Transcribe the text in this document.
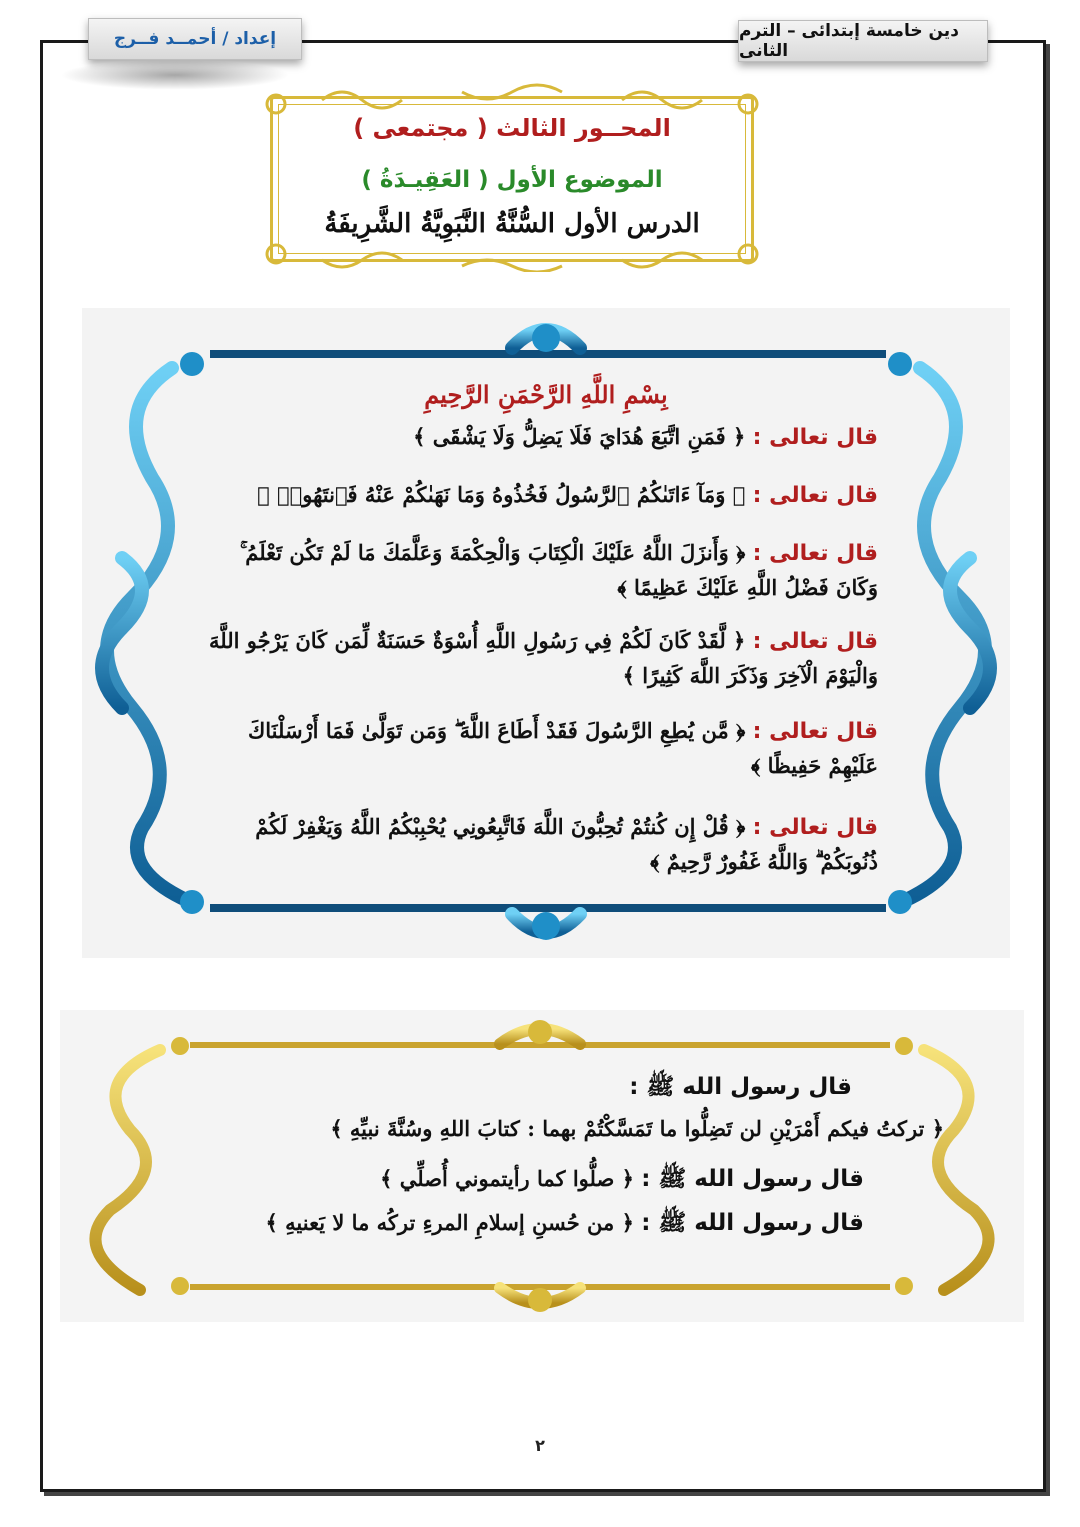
إعداد / أحمــد فــرج	دين خامسة إبتدائى – الترم الثانى
المحــور الثالث ( مجتمعى )
الموضوع الأول ( العَقِيـدَةُ )
الدرس الأول السُّنَّةُ النَّبَوِيَّةُ الشَّرِيفَةُ
بِسْمِ اللَّهِ الرَّحْمَنِ الرَّحِيمِ
قال تعالى : ﴿ فَمَنِ اتَّبَعَ هُدَايَ فَلَا يَضِلُّ وَلَا يَشْقَى ﴾
قال تعالى : ﴿ وَمَآ ءَاتَىٰكُمُ ٱلرَّسُولُ فَخُذُوهُ وَمَا نَهَىٰكُمْ عَنْهُ فَٱنتَهُوا۟ ﴾
قال تعالى : ﴿ وَأَنزَلَ اللَّهُ عَلَيْكَ الْكِتَابَ وَالْحِكْمَةَ وَعَلَّمَكَ مَا لَمْ تَكُن تَعْلَمُ ۚ وَكَانَ فَضْلُ اللَّهِ عَلَيْكَ عَظِيمًا ﴾
قال تعالى : ﴿ لَّقَدْ كَانَ لَكُمْ فِي رَسُولِ اللَّهِ أُسْوَةٌ حَسَنَةٌ لِّمَن كَانَ يَرْجُو اللَّهَ وَالْيَوْمَ الْآخِرَ وَذَكَرَ اللَّهَ كَثِيرًا ﴾
قال تعالى : ﴿ مَّن يُطِعِ الرَّسُولَ فَقَدْ أَطَاعَ اللَّهَ ۖ وَمَن تَوَلَّىٰ فَمَا أَرْسَلْنَاكَ عَلَيْهِمْ حَفِيظًا ﴾
قال تعالى : ﴿ قُلْ إِن كُنتُمْ تُحِبُّونَ اللَّهَ فَاتَّبِعُونِي يُحْبِبْكُمُ اللَّهُ وَيَغْفِرْ لَكُمْ ذُنُوبَكُمْ ۗ وَاللَّهُ غَفُورٌ رَّحِيمٌ ﴾
قال رسول الله ﷺ :
﴿ تركتُ فيكم أَمْرَيْنِ لن تَضِلُّوا ما تَمَسَّكْتُمْ بهما : كتابَ اللهِ وسُنَّةَ نبيِّهِ ﴾
قال رسول الله ﷺ : ﴿ صلُّوا كما رأيتموني أُصلِّي ﴾
قال رسول الله ﷺ : ﴿ من حُسنِ إسلامِ المرءِ تركُه ما لا يَعنيهِ ﴾
٢
